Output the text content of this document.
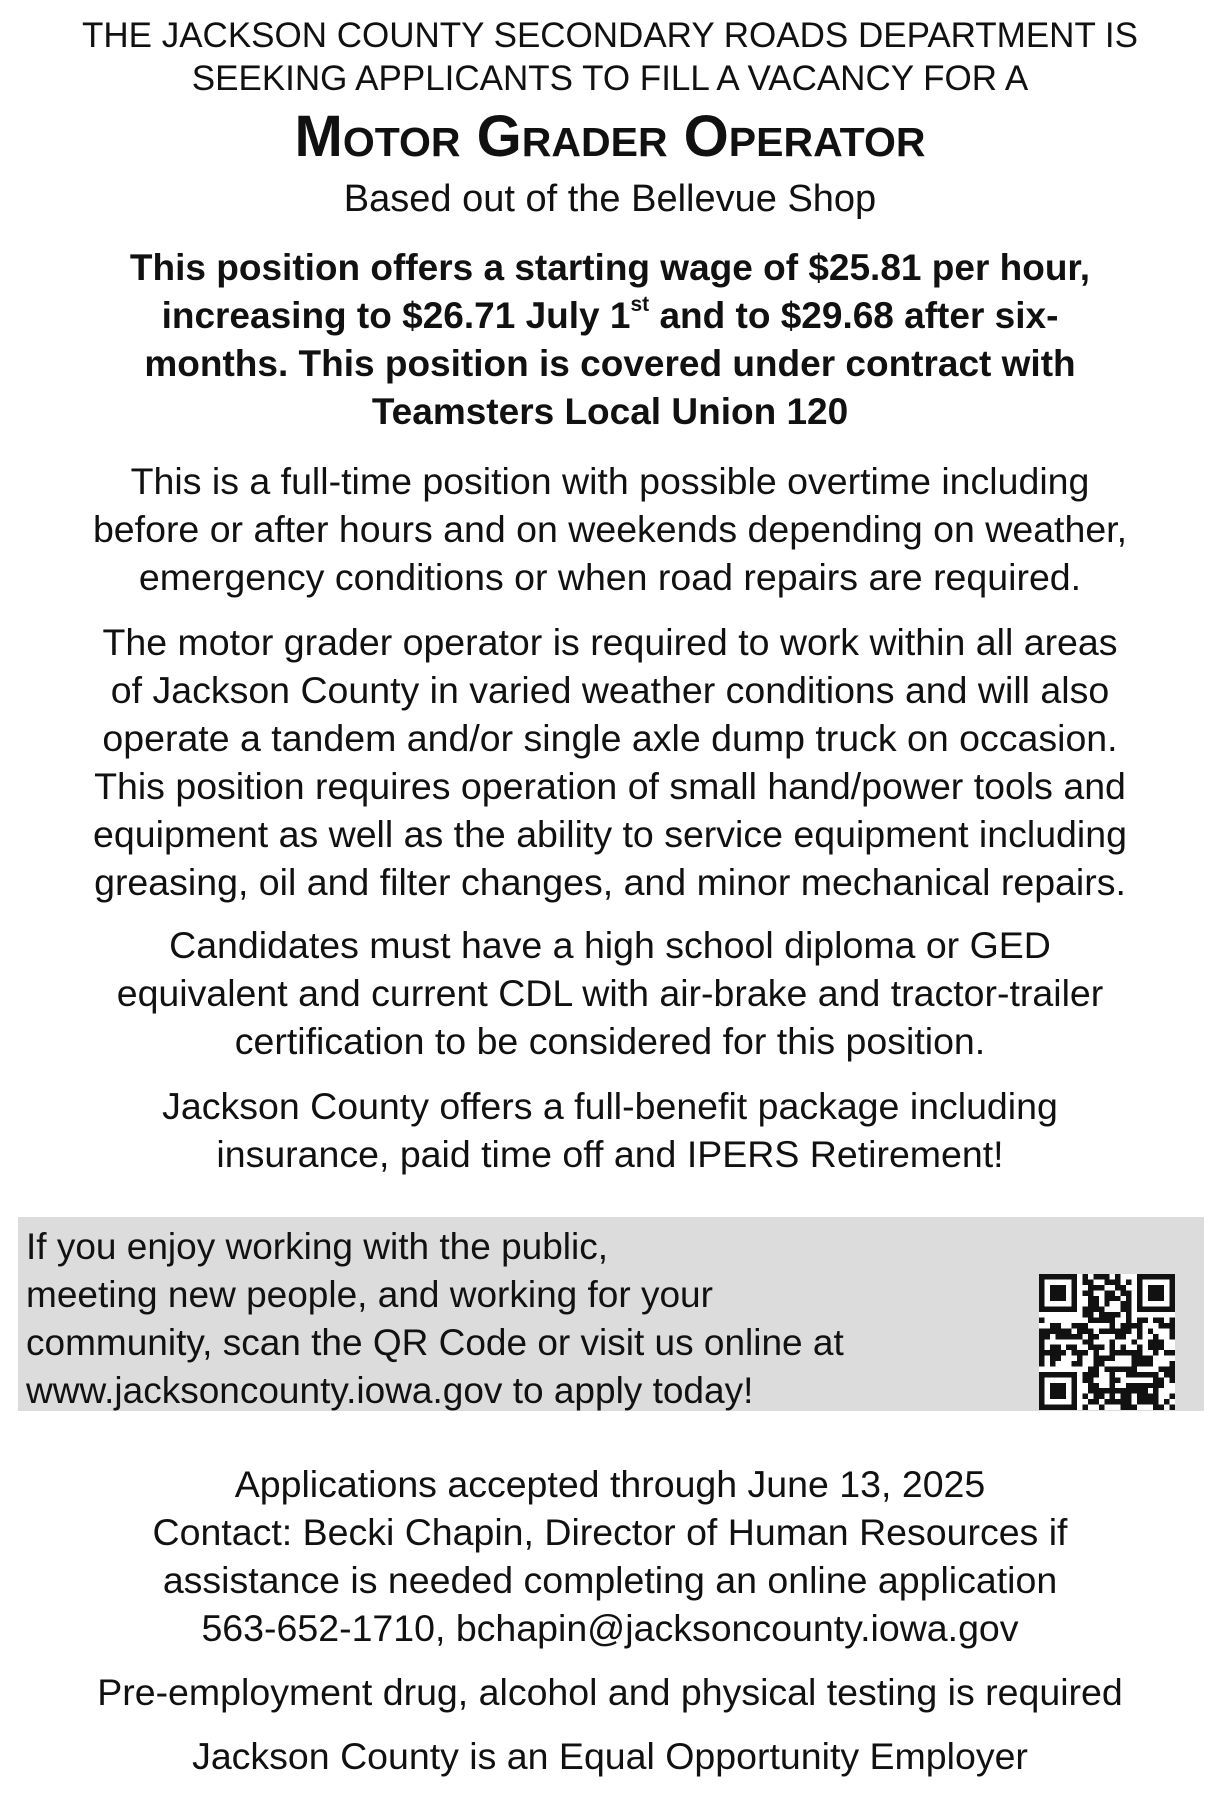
THE JACKSON COUNTY SECONDARY ROADS DEPARTMENT IS
SEEKING APPLICANTS TO FILL A VACANCY FOR A

Motor Grader Operator

Based out of the Bellevue Shop

This position offers a starting wage of $25.81 per hour,
increasing to $26.71 July 1st and to $29.68 after six-
months. This position is covered under contract with
Teamsters Local Union 120

This is a full-time position with possible overtime including
before or after hours and on weekends depending on weather,
emergency conditions or when road repairs are required.

The motor grader operator is required to work within all areas
of Jackson County in varied weather conditions and will also
operate a tandem and/or single axle dump truck on occasion.
This position requires operation of small hand/power tools and
equipment as well as the ability to service equipment including
greasing, oil and filter changes, and minor mechanical repairs.

Candidates must have a high school diploma or GED
equivalent and current CDL with air-brake and tractor-trailer
certification to be considered for this position.

Jackson County offers a full-benefit package including
insurance, paid time off and IPERS Retirement!

If you enjoy working with the public,
meeting new people, and working for your
community, scan the QR Code or visit us online at
www.jacksoncounty.iowa.gov to apply today!

Applications accepted through June 13, 2025
Contact: Becki Chapin, Director of Human Resources if
assistance is needed completing an online application
563-652-1710, bchapin@jacksoncounty.iowa.gov

Pre-employment drug, alcohol and physical testing is required

Jackson County is an Equal Opportunity Employer
